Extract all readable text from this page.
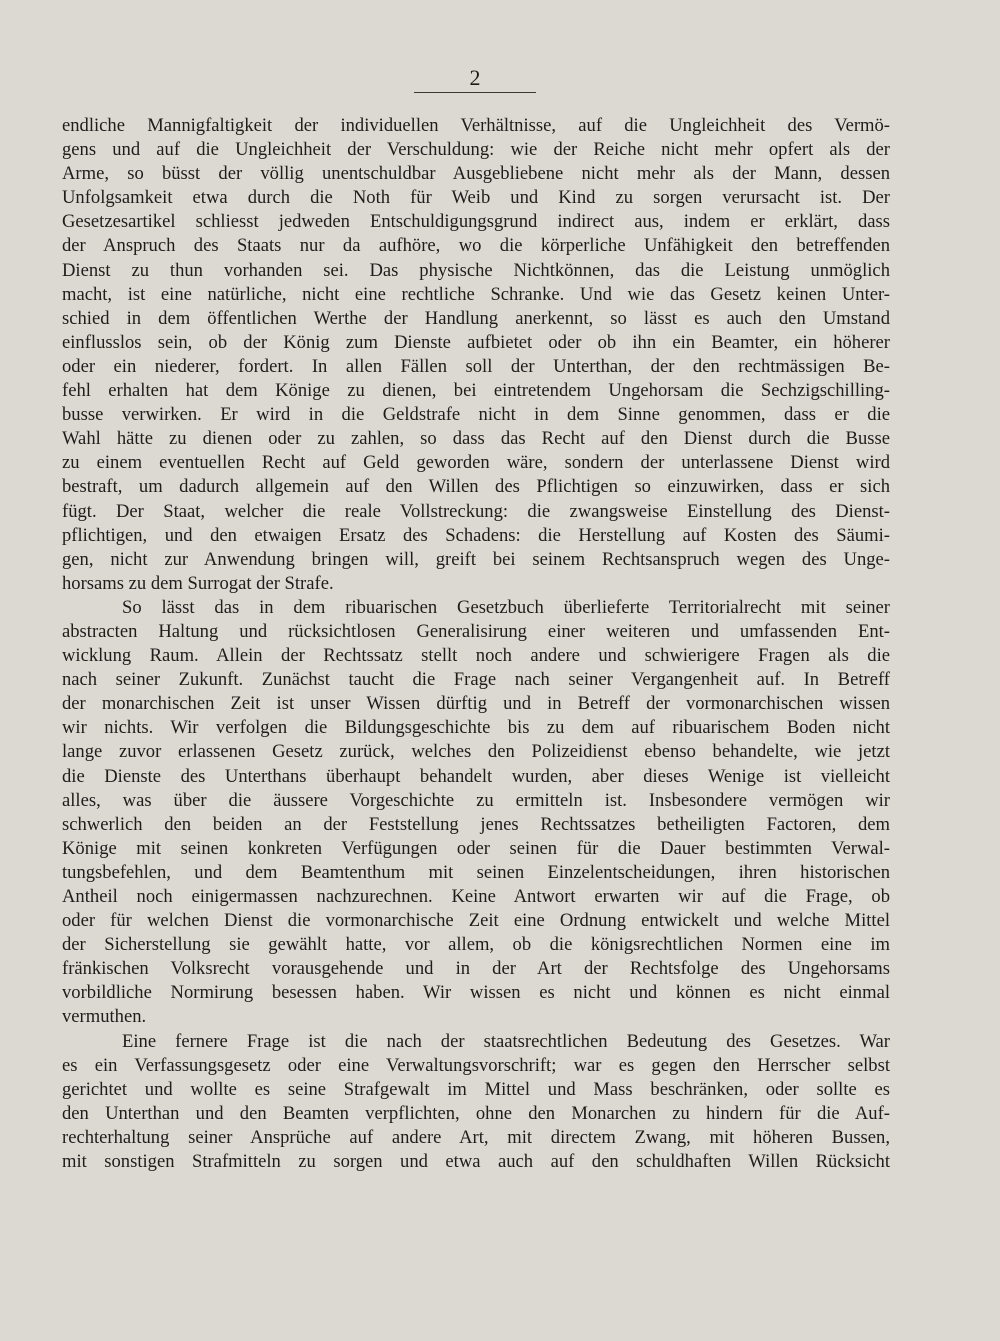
2
endliche Mannigfaltigkeit der individuellen Verhältnisse, auf die Ungleichheit des Vermö-
gens und auf die Ungleichheit der Verschuldung: wie der Reiche nicht mehr opfert als der
Arme, so büsst der völlig unentschuldbar Ausgebliebene nicht mehr als der Mann, dessen
Unfolgsamkeit etwa durch die Noth für Weib und Kind zu sorgen verursacht ist. Der
Gesetzesartikel schliesst jedweden Entschuldigungsgrund indirect aus, indem er erklärt, dass
der Anspruch des Staats nur da aufhöre, wo die körperliche Unfähigkeit den betreffenden
Dienst zu thun vorhanden sei. Das physische Nichtkönnen, das die Leistung unmöglich
macht, ist eine natürliche, nicht eine rechtliche Schranke. Und wie das Gesetz keinen Unter-
schied in dem öffentlichen Werthe der Handlung anerkennt, so lässt es auch den Umstand
einflusslos sein, ob der König zum Dienste aufbietet oder ob ihn ein Beamter, ein höherer
oder ein niederer, fordert. In allen Fällen soll der Unterthan, der den rechtmässigen Be-
fehl erhalten hat dem Könige zu dienen, bei eintretendem Ungehorsam die Sechzigschilling-
busse verwirken. Er wird in die Geldstrafe nicht in dem Sinne genommen, dass er die
Wahl hätte zu dienen oder zu zahlen, so dass das Recht auf den Dienst durch die Busse
zu einem eventuellen Recht auf Geld geworden wäre, sondern der unterlassene Dienst wird
bestraft, um dadurch allgemein auf den Willen des Pflichtigen so einzuwirken, dass er sich
fügt. Der Staat, welcher die reale Vollstreckung: die zwangsweise Einstellung des Dienst-
pflichtigen, und den etwaigen Ersatz des Schadens: die Herstellung auf Kosten des Säumi-
gen, nicht zur Anwendung bringen will, greift bei seinem Rechtsanspruch wegen des Unge-
horsams zu dem Surrogat der Strafe.
So lässt das in dem ribuarischen Gesetzbuch überlieferte Territorialrecht mit seiner
abstracten Haltung und rücksichtlosen Generalisirung einer weiteren und umfassenden Ent-
wicklung Raum. Allein der Rechtssatz stellt noch andere und schwierigere Fragen als die
nach seiner Zukunft. Zunächst taucht die Frage nach seiner Vergangenheit auf. In Betreff
der monarchischen Zeit ist unser Wissen dürftig und in Betreff der vormonarchischen wissen
wir nichts. Wir verfolgen die Bildungsgeschichte bis zu dem auf ribuarischem Boden nicht
lange zuvor erlassenen Gesetz zurück, welches den Polizeidienst ebenso behandelte, wie jetzt
die Dienste des Unterthans überhaupt behandelt wurden, aber dieses Wenige ist vielleicht
alles, was über die äussere Vorgeschichte zu ermitteln ist. Insbesondere vermögen wir
schwerlich den beiden an der Feststellung jenes Rechtssatzes betheiligten Factoren, dem
Könige mit seinen konkreten Verfügungen oder seinen für die Dauer bestimmten Verwal-
tungsbefehlen, und dem Beamtenthum mit seinen Einzelentscheidungen, ihren historischen
Antheil noch einigermassen nachzurechnen. Keine Antwort erwarten wir auf die Frage, ob
oder für welchen Dienst die vormonarchische Zeit eine Ordnung entwickelt und welche Mittel
der Sicherstellung sie gewählt hatte, vor allem, ob die königsrechtlichen Normen eine im
fränkischen Volksrecht vorausgehende und in der Art der Rechtsfolge des Ungehorsams
vorbildliche Normirung besessen haben. Wir wissen es nicht und können es nicht einmal
vermuthen.
Eine fernere Frage ist die nach der staatsrechtlichen Bedeutung des Gesetzes. War
es ein Verfassungsgesetz oder eine Verwaltungsvorschrift; war es gegen den Herrscher selbst
gerichtet und wollte es seine Strafgewalt im Mittel und Mass beschränken, oder sollte es
den Unterthan und den Beamten verpflichten, ohne den Monarchen zu hindern für die Auf-
rechterhaltung seiner Ansprüche auf andere Art, mit directem Zwang, mit höheren Bussen,
mit sonstigen Strafmitteln zu sorgen und etwa auch auf den schuldhaften Willen Rücksicht
